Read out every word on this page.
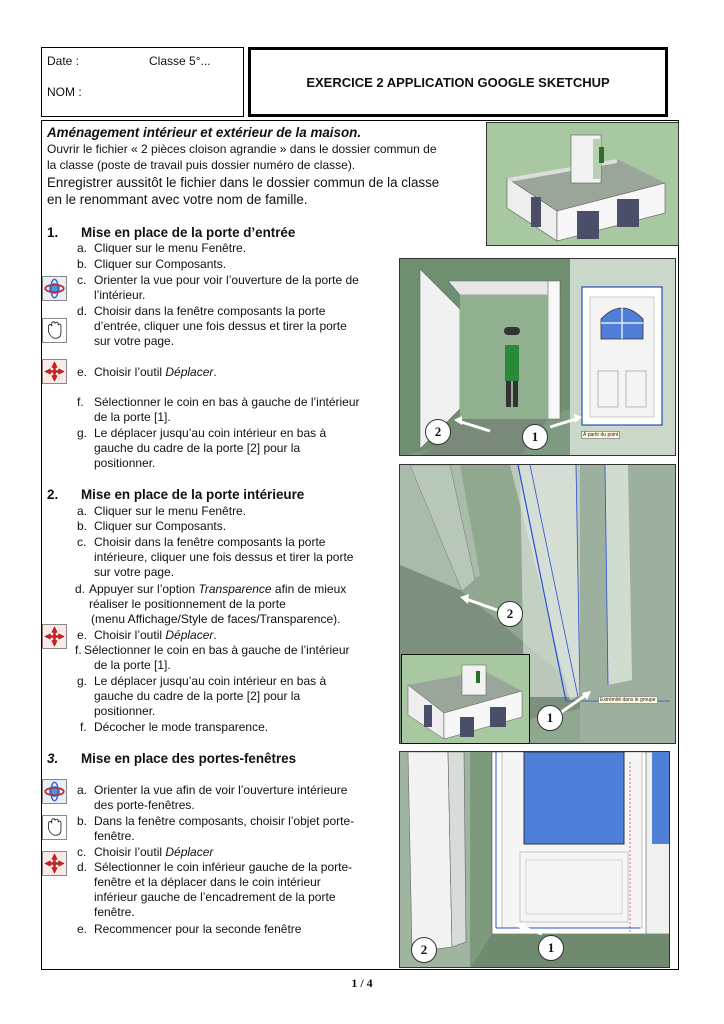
Date :	Classe 5°...
NOM :
EXERCICE 2 APPLICATION GOOGLE SKETCHUP
Aménagement intérieur et extérieur de la maison.
Ouvrir le fichier « 2 pièces cloison agrandie » dans le dossier commun de
la classe (poste de travail puis dossier numéro de classe).
Enregistrer aussitôt le fichier dans le dossier commun de la classe
en le renommant avec votre nom de famille.
1. Mise en place de la porte d’entrée
a. Cliquer sur le menu Fenêtre.
b. Cliquer sur Composants.
c. Orienter la vue pour voir l’ouverture de la porte de
l’intérieur.
d. Choisir dans la fenêtre composants la porte
d’entrée, cliquer une fois dessus et tirer la porte
sur votre page.
e. Choisir l’outil Déplacer.
f. Sélectionner le coin en bas à gauche de l’intérieur
de la porte [1].
g. Le déplacer jusqu’au coin intérieur en bas à
gauche du cadre de la porte [2] pour la
positionner.
2	1	À partir du point
2. Mise en place de la porte intérieure
a. Cliquer sur le menu Fenêtre.
b. Cliquer sur Composants.
c. Choisir dans la fenêtre composants la porte
intérieure, cliquer une fois dessus et tirer la porte
sur votre page.
d. Appuyer sur l’option Transparence afin de mieux
réaliser le positionnement de la porte
(menu Affichage/Style de faces/Transparence).
e. Choisir l’outil Déplacer.
f. Sélectionner le coin en bas à gauche de l’intérieur
de la porte [1].
g. Le déplacer jusqu’au coin intérieur en bas à
gauche du cadre de la porte [2] pour la
positionner.
f. Décocher le mode transparence.
2
1
Extrémité dans le groupe
3. Mise en place des portes-fenêtres
a. Orienter la vue afin de voir l’ouverture intérieure
des porte-fenêtres.
b. Dans la fenêtre composants, choisir l’objet porte-
fenêtre.
c. Choisir l’outil Déplacer
d. Sélectionner le coin inférieur gauche de la porte-
fenêtre et la déplacer dans le coin intérieur
inférieur gauche de l’encadrement de la porte
fenêtre.
e. Recommencer pour la seconde fenêtre
2	1
1 / 4
